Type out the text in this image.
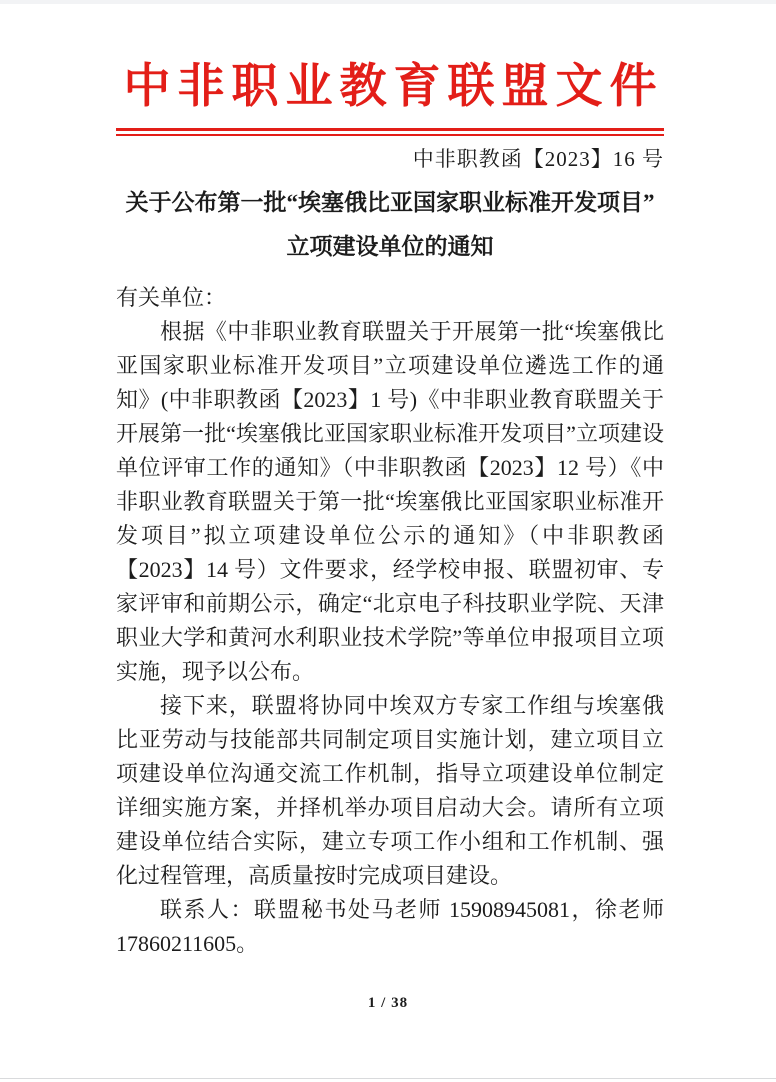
中非职业教育联盟文件
中非职教函【2023】16 号
关于公布第一批“埃塞俄比亚国家职业标准开发项目”
立项建设单位的通知

有关单位：

根据《中非职业教育联盟关于开展第一批“埃塞俄比亚国家职业标准开发项目”立项建设单位遴选工作的通知》(中非职教函【2023】1 号)《中非职业教育联盟关于开展第一批“埃塞俄比亚国家职业标准开发项目”立项建设单位评审工作的通知》（中非职教函【2023】12 号）《中非职业教育联盟关于第一批“埃塞俄比亚国家职业标准开发项目”拟立项建设单位公示的通知》（中非职教函【2023】14 号）文件要求，经学校申报、联盟初审、专家评审和前期公示，确定“北京电子科技职业学院、天津职业大学和黄河水利职业技术学院”等单位申报项目立项实施，现予以公布。

接下来，联盟将协同中埃双方专家工作组与埃塞俄比亚劳动与技能部共同制定项目实施计划，建立项目立项建设单位沟通交流工作机制，指导立项建设单位制定详细实施方案，并择机举办项目启动大会。请所有立项建设单位结合实际，建立专项工作小组和工作机制、强化过程管理，高质量按时完成项目建设。

联系人：联盟秘书处马老师 15908945081，徐老师 17860211605。

1 / 38
